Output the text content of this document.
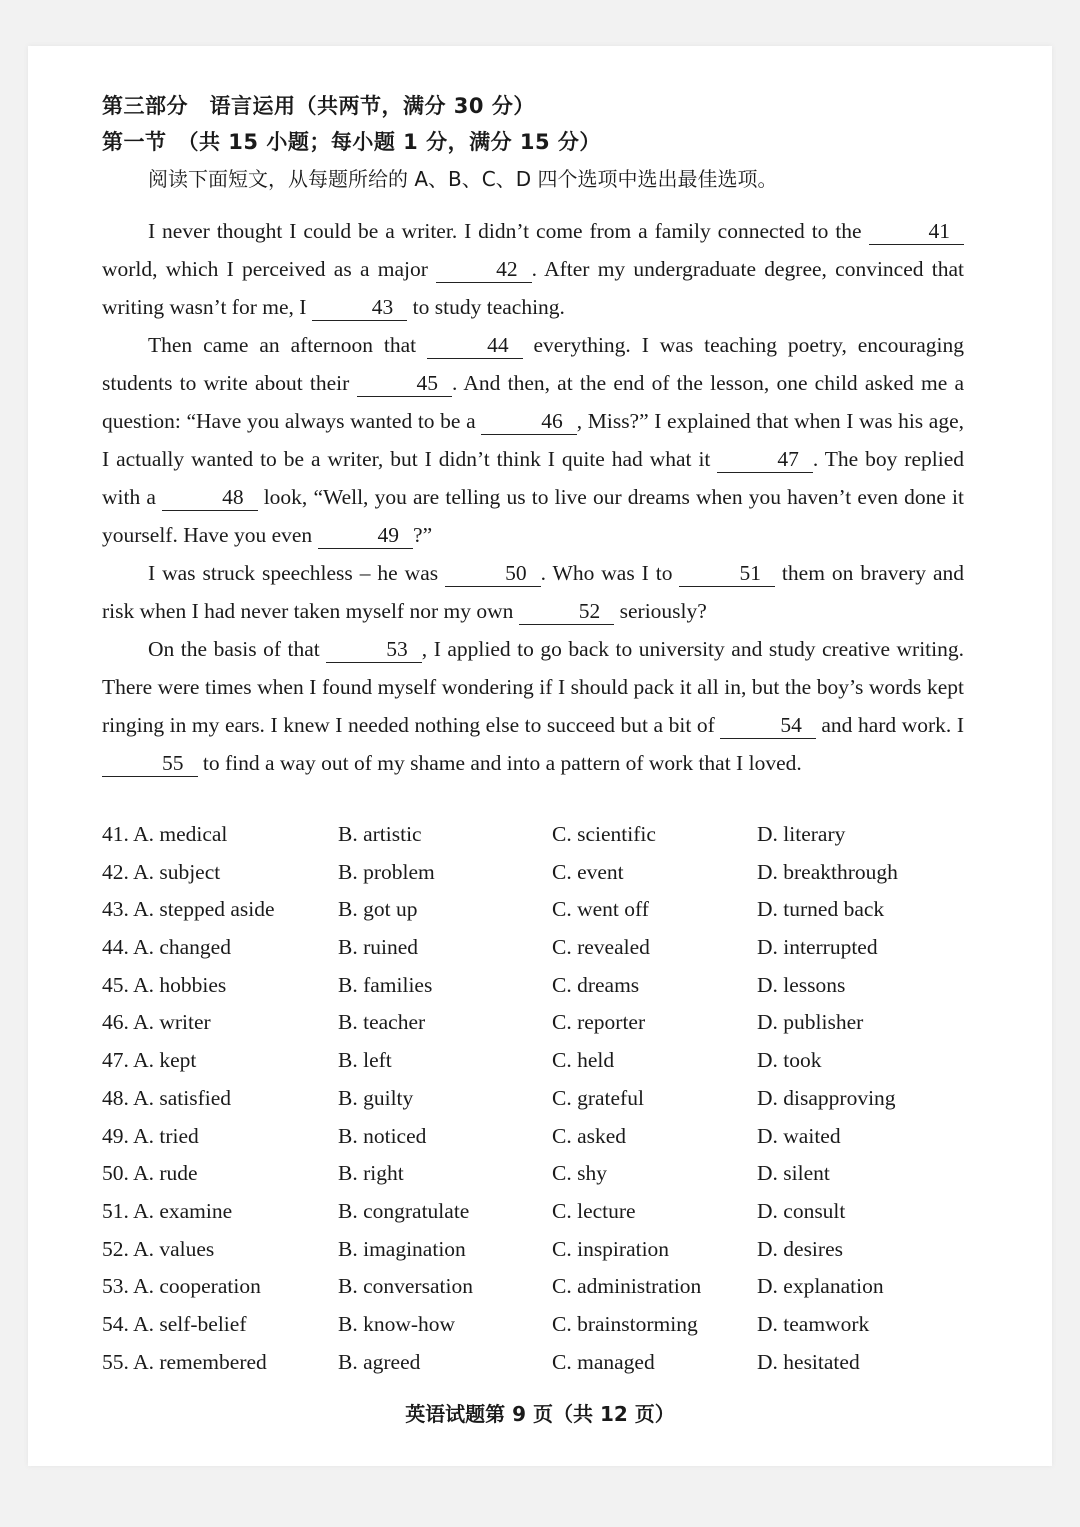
第三部分　语言运用（共两节，满分 30 分）
第一节　（共 15 小题；每小题 1 分，满分 15 分）
阅读下面短文，从每题所给的 A、B、C、D 四个选项中选出最佳选项。

I never thought I could be a writer. I didn’t come from a family connected to the	41 world, which I perceived as a major	42 . After my undergraduate degree, convinced that writing wasn’t for me, I	43 to study teaching.

Then came an afternoon that	44 everything. I was teaching poetry, encouraging students to write about their	45 . And then, at the end of the lesson, one child asked me a question: “Have you always wanted to be a	46 , Miss?” I explained that when I was his age, I actually wanted to be a writer, but I didn’t think I quite had what it	47 . The boy replied with a	48 look, “Well, you are telling us to live our dreams when you haven’t even done it yourself. Have you even	49 ?”

I was struck speechless – he was	50 . Who was I to	51 them on bravery and risk when I had never taken myself nor my own	52 seriously?

On the basis of that	53 , I applied to go back to university and study creative writing. There were times when I found myself wondering if I should pack it all in, but the boy’s words kept ringing in my ears. I knew I needed nothing else to succeed but a bit of	54 and hard work. I 55 to find a way out of my shame and into a pattern of work that I loved.

41. A. medical	B. artistic	C. scientific	D. literary
42. A. subject	B. problem	C. event	D. breakthrough
43. A. stepped aside	B. got up	C. went off	D. turned back
44. A. changed	B. ruined	C. revealed	D. interrupted
45. A. hobbies	B. families	C. dreams	D. lessons
46. A. writer	B. teacher	C. reporter	D. publisher
47. A. kept	B. left	C. held	D. took
48. A. satisfied	B. guilty	C. grateful	D. disapproving
49. A. tried	B. noticed	C. asked	D. waited
50. A. rude	B. right	C. shy	D. silent
51. A. examine	B. congratulate	C. lecture	D. consult
52. A. values	B. imagination	C. inspiration	D. desires
53. A. cooperation	B. conversation	C. administration	D. explanation
54. A. self-belief	B. know-how	C. brainstorming	D. teamwork
55. A. remembered	B. agreed	C. managed	D. hesitated
英语试题第 9 页（共 12 页）
